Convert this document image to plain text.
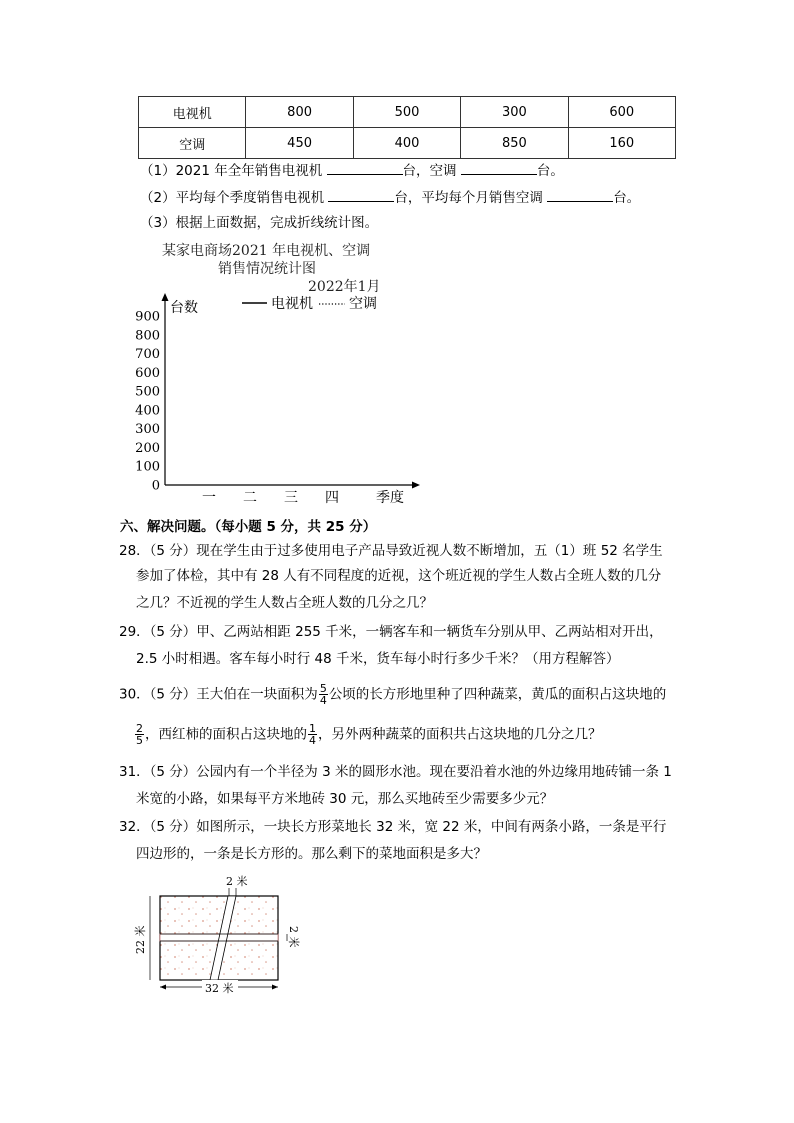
电视机	800	500	300	600
空调	450	400	850	160
（1）2021 年全年销售电视机	台，空调	台。
（2）平均每个季度销售电视机	台，平均每个月销售空调	台。
（3）根据上面数据，完成折线统计图。
某家电商场2021 年电视机、空调
销售情况统计图
2022年1月
台数	电视机	空调
0
100
200
300
400
500
600
700
800
900
一 二 三 四	季度
六、解决问题。（每小题 5 分，共 25 分）
28．（5 分）现在学生由于过多使用电子产品导致近视人数不断增加，五（1）班 52 名学生
参加了体检，其中有 28 人有不同程度的近视，这个班近视的学生人数占全班人数的几分
之几？不近视的学生人数占全班人数的几分之几？
29．（5 分）甲、乙两站相距 255 千米，一辆客车和一辆货车分别从甲、乙两站相对开出，
2.5 小时相遇。客车每小时行 48 千米，货车每小时行多少千米？（用方程解答）
30．（5 分）王大伯在一块面积为 $\frac{5}{4}$ 公顷的长方形地里种了四种蔬菜，黄瓜的面积占这块地的
$\frac{2}{5}$ ，西红柿的面积占这块地的 $\frac{1}{4}$ ，另外两种蔬菜的面积共占这块地的几分之几？
31．（5 分）公园内有一个半径为 3 米的圆形水池。现在要沿着水池的外边缘用地砖铺一条 1
米宽的小路，如果每平方米地砖 30 元，那么买地砖至少需要多少元？
32．（5 分）如图所示，一块长方形菜地长 32 米，宽 22 米，中间有两条小路，一条是平行
四边形的，一条是长方形的。那么剩下的菜地面积是多大？
2 米
22 米	2 米
32 米
